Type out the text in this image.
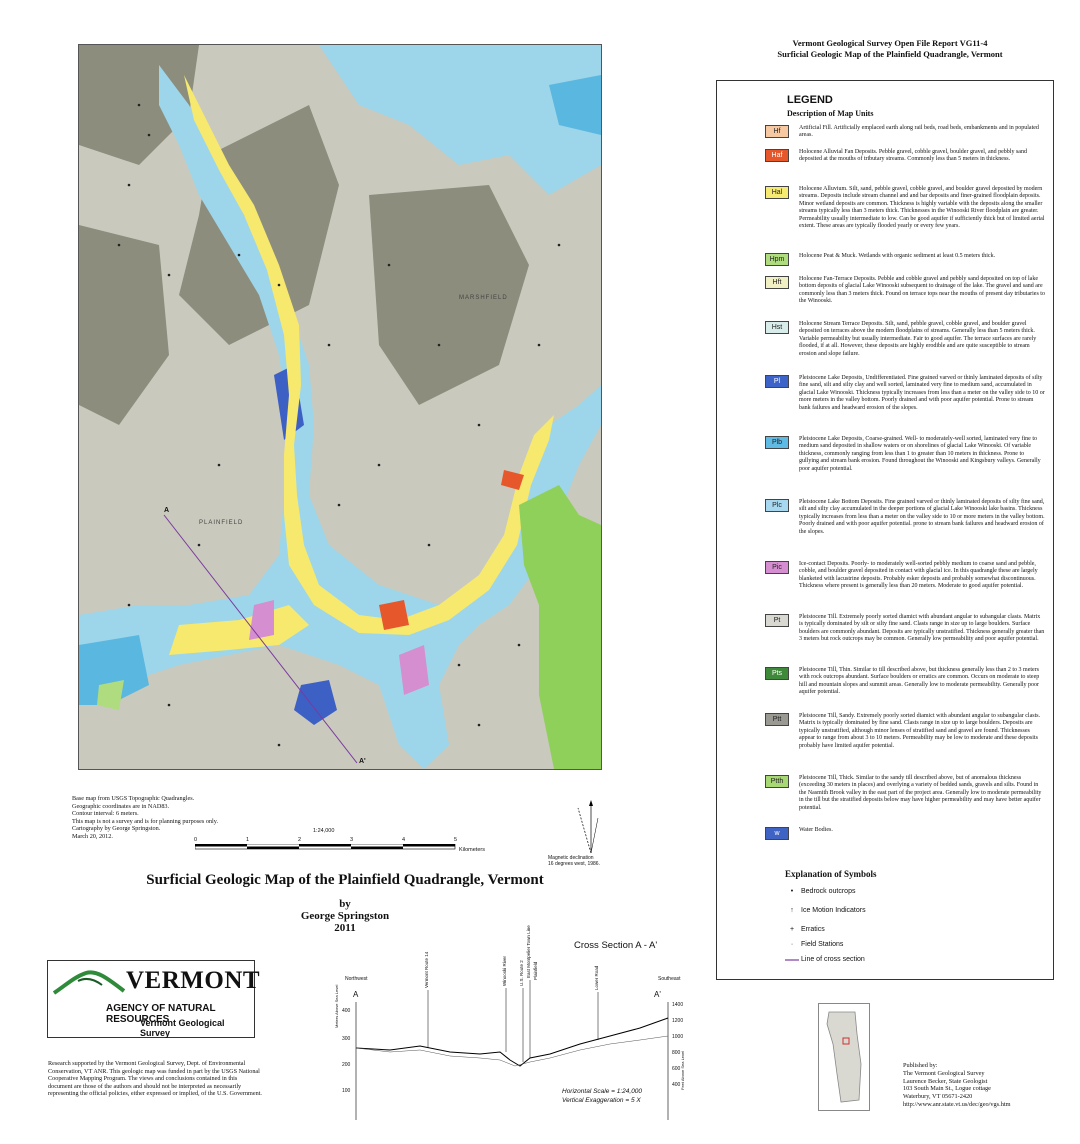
Vermont Geological Survey Open File Report VG11-4
Surficial Geologic Map of the Plainfield Quadrangle, Vermont
A
A'
MARSHFIELD
PLAINFIELD
Base map from USGS Topographic Quadrangles.
Geographic coordinates are in NAD83.
Contour interval: 6 meters.
This map is not a survey and is for planning purposes only.
Cartography by George Springston.
March 20, 2012.
1:24,000
0	1	2	3	4	5
Kilometers
Magnetic declination
16 degrees west, 1986.
Surficial Geologic Map of the Plainfield Quadrangle, Vermont
by
George Springston
2011
VERMONT
AGENCY OF NATURAL RESOURCES
Vermont Geological Survey
Research supported by the Vermont Geological Survey, Dept. of Environmental Conservation, VT ANR. This geologic map was funded in part by the USGS National Cooperative Mapping Program. The views and conclusions contained in this document are those of the authors and should not be interpreted as necessarily representing the official policies, either expressed or implied, of the U.S. Government.
Cross Section A - A'
Northwest	Southeast
A	A'
Meters Above Sea Level
Feet Above Sea Level
400
300
200
100
1400
1200
1000
800
600
400
Vermont Route 14	Winooski River	U.S. Route 2 East Montpelier Town Line Plainfield	Lower Road
Horizontal Scale = 1:24,000
Vertical Exaggeration = 5 X
Published by:
The Vermont Geological Survey
Laurence Becker, State Geologist
103 South Main St., Logue cottage
Waterbury, VT 05671-2420
http://www.anr.state.vt.us/dec/geo/vgs.htm
LEGEND
Description of Map Units
Hf	Artificial Fill. Artificially emplaced earth along rail beds, road beds, embankments and in populated areas.
Haf	Holocene Alluvial Fan Deposits. Pebble gravel, cobble gravel, boulder gravel, and pebbly sand deposited at the mouths of tributary streams. Commonly less than 5 meters in thickness.
Hal	Holocene Alluvium. Silt, sand, pebble gravel, cobble gravel, and boulder gravel deposited by modern streams. Deposits include stream channel and and bar deposits and finer-grained floodplain deposits. Minor wetland deposits are common. Thickness is highly variable with the deposits along the smaller streams typically less than 3 meters thick. Thicknesses in the Winooski River floodplain are greater. Permeability usually intermediate to low. Can be good aquifer if sufficiently thick but of limited aerial extent. These areas are typically flooded yearly or every few years.
Hpm	Holocene Peat & Muck. Wetlands with organic sediment at least 0.5 meters thick.
Hft	Holocene Fan-Terrace Deposits. Pebble and cobble gravel and pebbly sand deposited on top of lake bottom deposits of glacial Lake Winooski subsequent to drainage of the lake. The gravel and sand are commonly less than 3 meters thick. Found on terrace tops near the mouths of present day tributaries to the Winooski.
Hst	Holocene Stream Terrace Deposits. Silt, sand, pebble gravel, cobble gravel, and boulder gravel deposited on terraces above the modern floodplains of streams. Generally less than 5 meters thick. Variable permeability but usually intermediate. Fair to good aquifer. The terrace surfaces are rarely flooded, if at all. However, these deposits are highly erodible and are quite susceptible to stream erosion and slope failure.
Pl	Pleistocene Lake Deposits, Undifferentiated. Fine grained varved or thinly laminated deposits of silty fine sand, silt and silty clay and well sorted, laminated very fine to medium sand, accumulated in glacial Lake Winooski. Thickness typically increases from less than a meter on the valley side to 10 or more meters in the valley bottom. Poorly drained and with poor aquifer potential. Prone to stream bank failures and headward erosion of the slopes.
Plb	Pleistocene Lake Deposits, Coarse-grained. Well- to moderately-well sorted, laminated very fine to medium sand deposited in shallow waters or on shorelines of glacial Lake Winooski. Of variable thickness, commonly ranging from less than 1 to greater than 10 meters in thickness. Prone to gullying and stream bank erosion. Found throughout the Winooski and Kingsbury valleys. Generally poor aquifer potential.
Plc	Pleistocene Lake Bottom Deposits. Fine grained varved or thinly laminated deposits of silty fine sand, silt and silty clay accumulated in the deeper portions of glacial Lake Winooski lake basins. Thickness typically increases from less than a meter on the valley side to 10 or more meters in the valley bottom. Poorly drained and with poor aquifer potential. prone to stream bank failures and headward erosion of the slopes.
Pic	Ice-contact Deposits. Poorly- to moderately well-sorted pebbly medium to coarse sand and pebble, cobble, and boulder gravel deposited in contact with glacial ice. In this quadrangle these are largely blanketed with lacustrine deposits. Probably esker deposits and probably somewhat discontinuous. Thickness where present is generally less than 20 meters. Moderate to good aquifer potential.
Pt	Pleistocene Till. Extremely poorly sorted diamict with abundant angular to subangular clasts. Matrix is typically dominated by silt or silty fine sand. Clasts range in size up to large boulders. Surface boulders are commonly abundant. Deposits are typically unstratified. Thickness generally greater than 3 meters but rock outcrops may be common. Generally low permeability and poor aquifer potential.
Pts	Pleistocene Till, Thin. Similar to till described above, but thickness generally less than 2 to 3 meters with rock outcrops abundant. Surface boulders or erratics are common. Occurs on moderate to steep hill and mountain slopes and summit areas. Generally low to moderate permeability. Generally poor aquifer potential.
Ptt	Pleistocene Till, Sandy. Extremely poorly sorted diamict with abundant angular to subangular clasts. Matrix is typically dominated by fine sand. Clasts range in size up to large boulders. Deposits are typically unstratified, although minor lenses of stratified sand and gravel are found. Thicknesses appear to range from about 3 to 10 meters. Permeability may be low to moderate and these deposits probably have limited aquifer potential.
Ptth	Pleistocene Till, Thick. Similar to the sandy till described above, but of anomalous thickness (exceeding 30 meters in places) and overlying a variety of bedded sands, gravels and silts. Found in the Nasmith Brook valley in the east part of the project area. Generally low to moderate permeability in the till but the stratified deposits below may have higher permeability and may have better aquifer potential.
w	Water Bodies.
Explanation of Symbols
•	Bedrock outcrops
↑	Ice Motion Indicators
+ Erratics
·	Field Stations
Line of cross section
